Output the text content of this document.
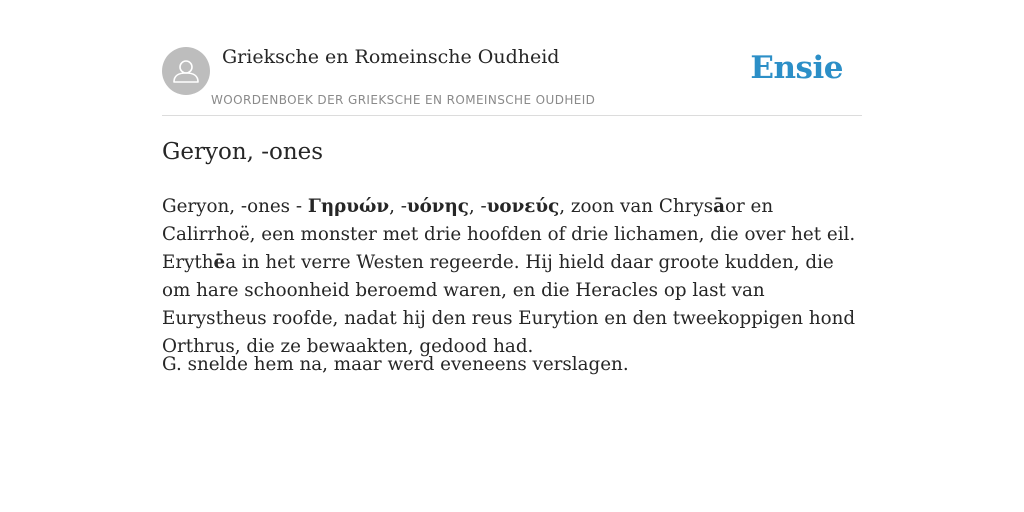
Grieksche en Romeinsche Oudheid
WOORDENBOEK DER GRIEKSCHE EN ROMEINSCHE OUDHEID
Ensie
Geryon, -ones

Geryon, -ones - Γηρυών, -υόνης, -υονεύς, zoon van Chrysāor en Calirrhoë, een monster met drie hoofden of drie lichamen, die over het eil. Erythēa in het verre Westen regeerde. Hij hield daar groote kudden, die om hare schoonheid beroemd waren, en die Heracles op last van Eurystheus roofde, nadat hij den reus Eurytion en den tweekoppigen hond Orthrus, die ze bewaakten, gedood had.

G. snelde hem na, maar werd eveneens verslagen.
